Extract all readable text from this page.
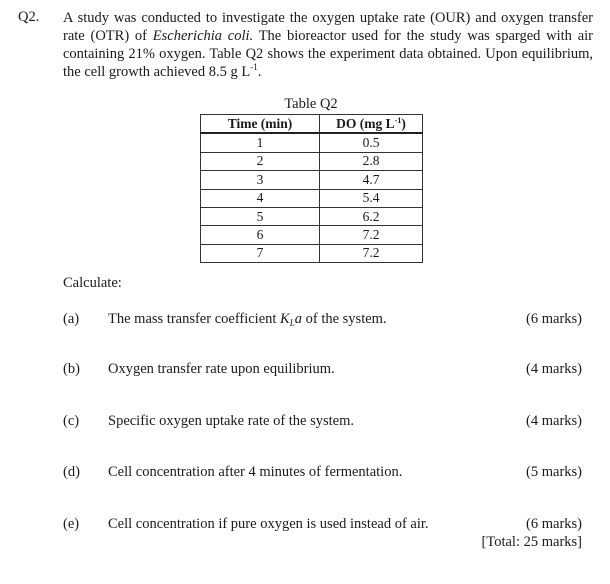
Q2. A study was conducted to investigate the oxygen uptake rate (OUR) and oxygen transfer rate (OTR) of Escherichia coli. The bioreactor used for the study was sparged with air containing 21% oxygen. Table Q2 shows the experiment data obtained. Upon equilibrium, the cell growth achieved 8.5 g $L^{-1}$.

Table Q2
Time (min)	DO (mg $L^{-1}$)
1	0.5
2	2.8
3	4.7
4	5.4
5	6.2
6	7.2
7	7.2
Calculate:
(a) The mass transfer coefficient $K_La$ of the system.	(6 marks)
(b) Oxygen transfer rate upon equilibrium.	(4 marks)
(c) Specific oxygen uptake rate of the system.	(4 marks)
(d) Cell concentration after 4 minutes of fermentation.	(5 marks)
(e) Cell concentration if pure oxygen is used instead of air.	(6 marks)
[Total: 25 marks]
